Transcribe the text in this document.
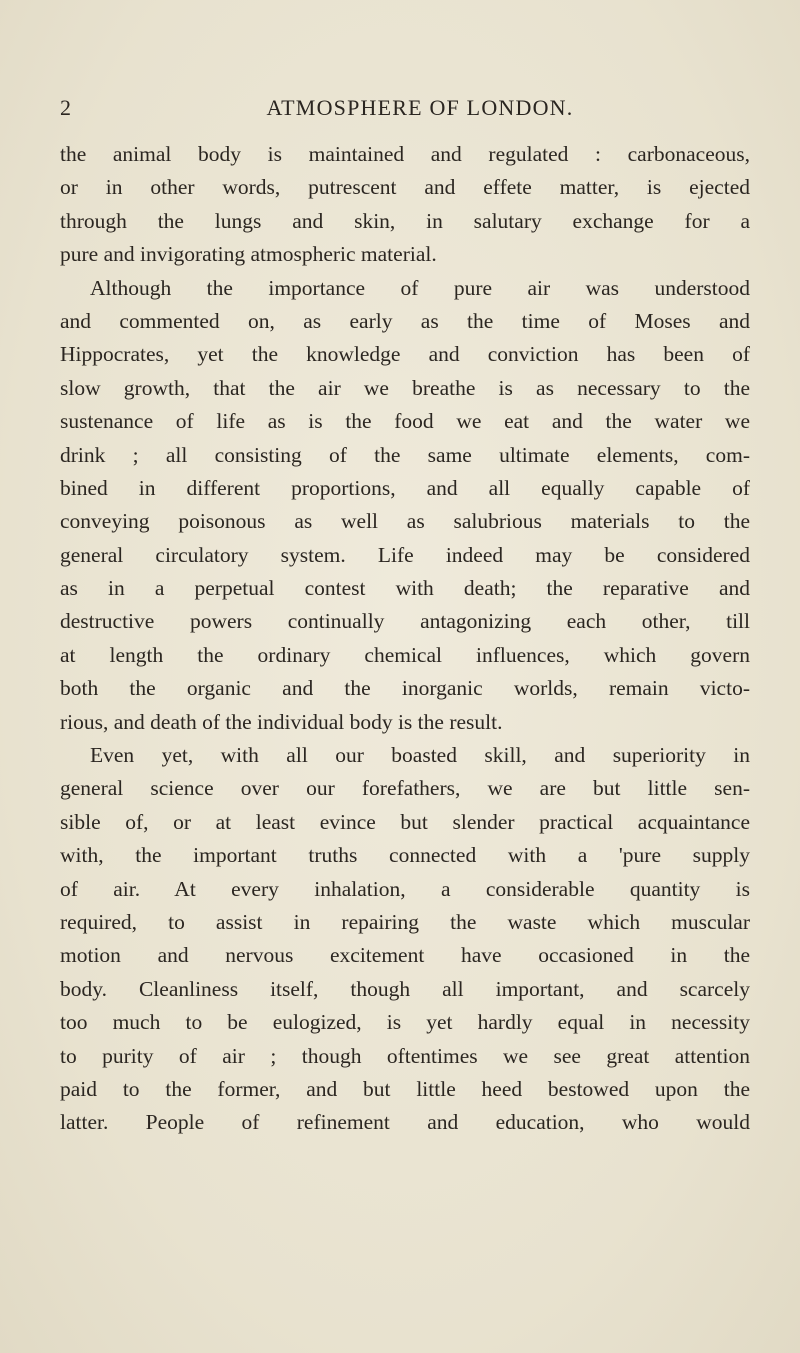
2	ATMOSPHERE OF LONDON.
the animal body is maintained and regulated : carbonaceous,
or in other words, putrescent and effete matter, is ejected
through the lungs and skin, in salutary exchange for a
pure and invigorating atmospheric material.
Although the importance of pure air was understood
and commented on, as early as the time of Moses and
Hippocrates, yet the knowledge and conviction has been of
slow growth, that the air we breathe is as necessary to the
sustenance of life as is the food we eat and the water we
drink ; all consisting of the same ultimate elements, com-
bined in different proportions, and all equally capable of
conveying poisonous as well as salubrious materials to the
general circulatory system. Life indeed may be considered
as in a perpetual contest with death; the reparative and
destructive powers continually antagonizing each other, till
at length the ordinary chemical influences, which govern
both the organic and the inorganic worlds, remain victo-
rious, and death of the individual body is the result.
Even yet, with all our boasted skill, and superiority in
general science over our forefathers, we are but little sen-
sible of, or at least evince but slender practical acquaintance
with, the important truths connected with a 'pure supply
of air. At every inhalation, a considerable quantity is
required, to assist in repairing the waste which muscular
motion and nervous excitement have occasioned in the
body. Cleanliness itself, though all important, and scarcely
too much to be eulogized, is yet hardly equal in necessity
to purity of air ; though oftentimes we see great attention
paid to the former, and but little heed bestowed upon the
latter. People of refinement and education, who would
